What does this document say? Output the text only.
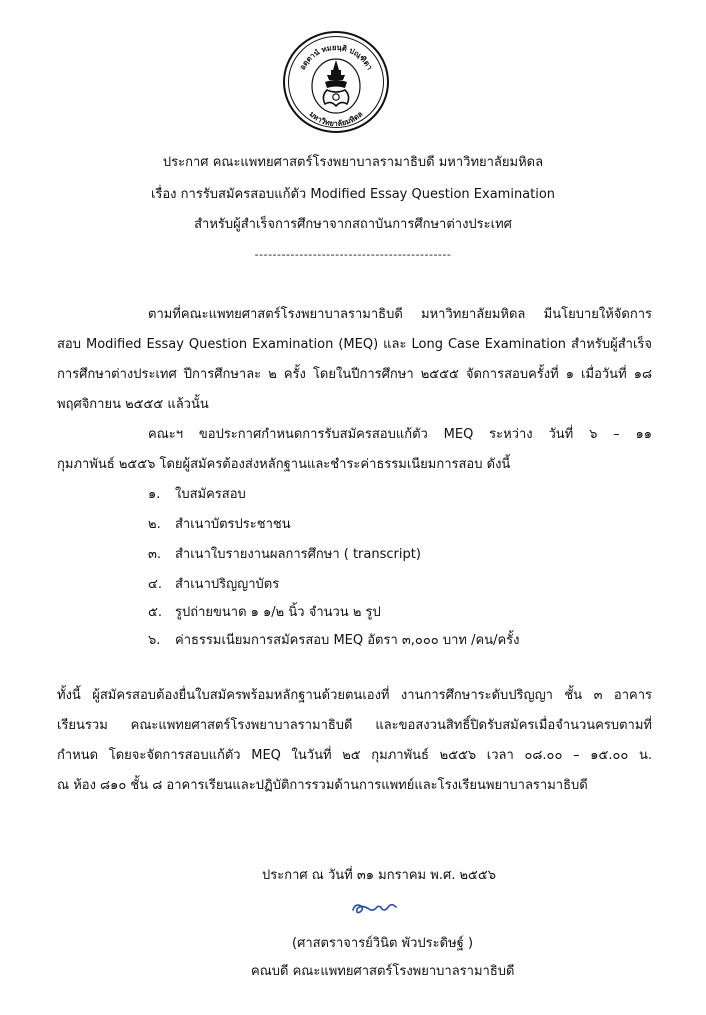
อตฺตานํ ทมยนฺติ ปณฺฑิตา
มหาวิทยาลัยมหิดล
ประกาศ คณะแพทยศาสตร์โรงพยาบาลรามาธิบดี มหาวิทยาลัยมหิดล
เรื่อง การรับสมัครสอบแก้ตัว Modified Essay Question Examination
สำหรับผู้สำเร็จการศึกษาจากสถาบันการศึกษาต่างประเทศ
--------------------------------------------
ตามที่คณะแพทยศาสตร์โรงพยาบาลรามาธิบดี มหาวิทยาลัยมหิดล มีนโยบายให้จัดการ
สอบ Modified Essay Question Examination (MEQ) และ Long Case Examination สำหรับผู้สำเร็จ
การศึกษาต่างประเทศ ปีการศึกษาละ ๒ ครั้ง โดยในปีการศึกษา ๒๕๕๕ จัดการสอบครั้งที่ ๑ เมื่อวันที่ ๑๘
พฤศจิกายน ๒๕๕๕ แล้วนั้น
คณะฯ ขอประกาศกำหนดการรับสมัครสอบแก้ตัว MEQ ระหว่าง วันที่ ๖ – ๑๑
กุมภาพันธ์ ๒๕๕๖ โดยผู้สมัครต้องส่งหลักฐานและชำระค่าธรรมเนียมการสอบ ดังนี้
๑. ใบสมัครสอบ
๒. สำเนาบัตรประชาชน
๓. สำเนาใบรายงานผลการศึกษา ( transcript)
๔. สำเนาปริญญาบัตร
๕. รูปถ่ายขนาด ๑ ๑/๒ นิ้ว จำนวน ๒ รูป
๖. ค่าธรรมเนียมการสมัครสอบ MEQ อัตรา ๓,๐๐๐ บาท /คน/ครั้ง
ทั้งนี้ ผู้สมัครสอบต้องยื่นใบสมัครพร้อมหลักฐานด้วยตนเองที่ งานการศึกษาระดับปริญญา ชั้น ๓ อาคาร
เรียนรวม คณะแพทยศาสตร์โรงพยาบาลรามาธิบดี และขอสงวนสิทธิ์ปิดรับสมัครเมื่อจำนวนครบตามที่
กำหนด โดยจะจัดการสอบแก้ตัว MEQ ในวันที่ ๒๕ กุมภาพันธ์ ๒๕๕๖ เวลา ๐๘.๐๐ – ๑๕.๐๐ น.
ณ ห้อง ๘๑๐ ชั้น ๘ อาคารเรียนและปฏิบัติการรวมด้านการแพทย์และโรงเรียนพยาบาลรามาธิบดี
ประกาศ ณ วันที่ ๓๑ มกราคม พ.ศ. ๒๕๕๖
(ศาสตราจารย์วินิต พัวประดิษฐ์ )
คณบดี คณะแพทยศาสตร์โรงพยาบาลรามาธิบดี
